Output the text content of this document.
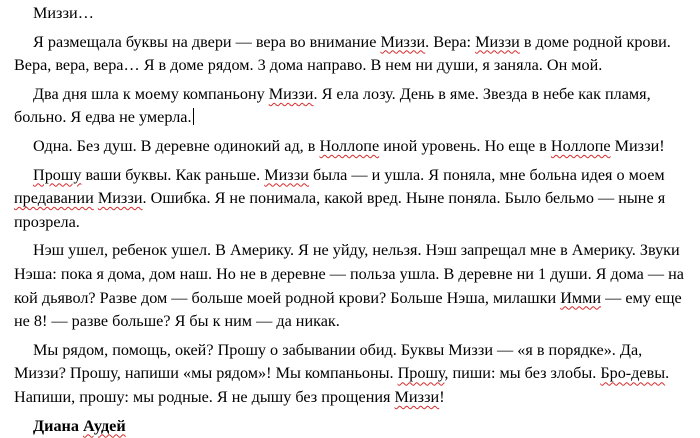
Миззи…
Я размещала буквы на двери — вера во внимание Миззи. Вера: Миззи в доме родной крови. Вера, вера, вера… Я в доме рядом. 3 дома направо. В нем ни души, я заняла. Он мой.
Два дня шла к моему компаньону Миззи. Я ела лозу. День в яме. Звезда в небе как пламя, больно. Я едва не умерла.
Одна. Без душ. В деревне одинокий ад, в Ноллопе иной уровень. Но еще в Ноллопе Миззи!
Прошу ваши буквы. Как раньше. Миззи была — и ушла. Я поняла, мне больна идея о моем предавании Миззи. Ошибка. Я не понимала, какой вред. Ныне поняла. Было бельмо — ныне я прозрела.
Нэш ушел, ребенок ушел. В Америку. Я не уйду, нельзя. Нэш запрещал мне в Америку. Звуки Нэша: пока я дома, дом наш. Но не в деревне — польза ушла. В деревне ни 1 души. Я дома — на кой дьявол? Разве дом — больше моей родной крови? Больше Нэша, милашки Имми — ему еще не 8! — разве больше? Я бы к ним — да никак.
Мы рядом, помощь, окей? Прошу о забывании обид. Буквы Миззи — «я в порядке». Да, Миззи? Прошу, напиши «мы рядом»! Мы компаньоны. Прошу, пиши: мы без злобы. Бро-девы. Напиши, прошу: мы родные. Я не дышу без прощения Миззи!
Диана Аудей
